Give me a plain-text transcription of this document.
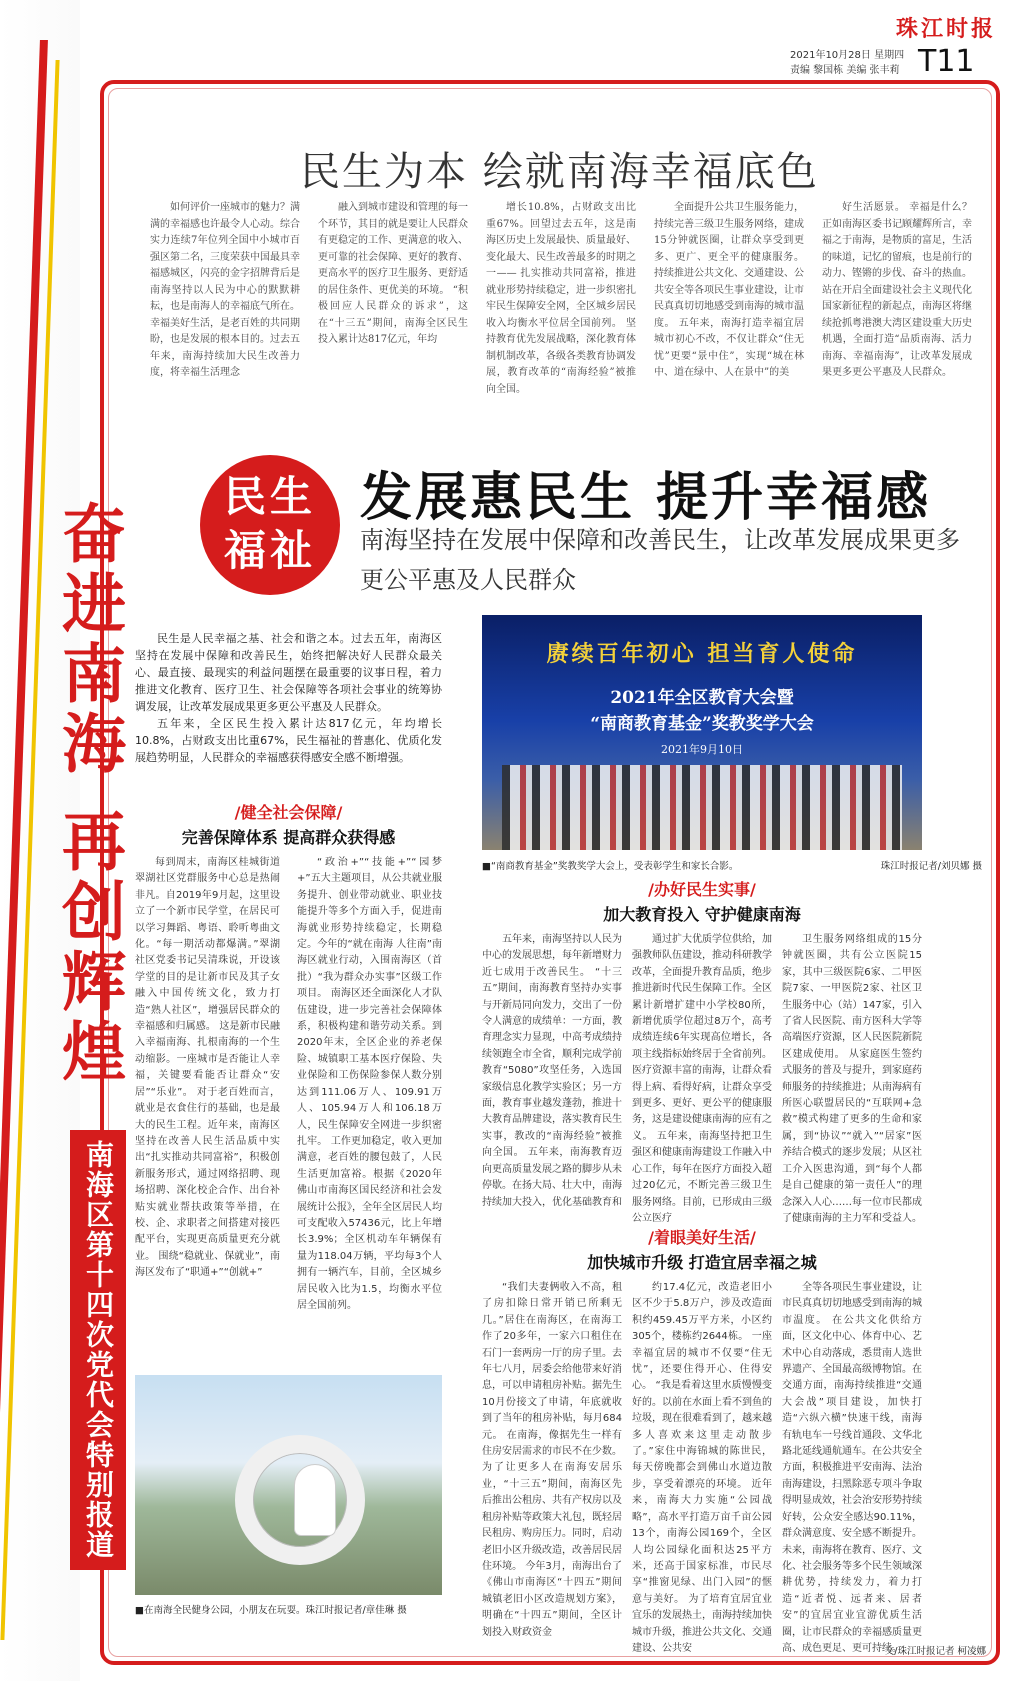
珠江时报
2021年10月28日 星期四
责编 黎国栋 美编 张丰莉 T11
奋进南海 再创辉煌
南海区第十四次党代会特别报道
民生为本 绘就南海幸福底色
如何评价一座城市的魅力？满满的幸福感也许最令人心动。综合实力连续7年位列全国中小城市百强区第二名，三度荣获中国最具幸福感城区，闪亮的金字招牌背后是南海坚持以人民为中心的默默耕耘，也是南海人的幸福底气所在。 幸福美好生活，是老百姓的共同期盼，也是发展的根本目的。过去五年来，南海持续加大民生改善力度，将幸福生活理念
融入到城市建设和管理的每一个环节，其目的就是要让人民群众有更稳定的工作、更满意的收入、更可靠的社会保障、更好的教育、更高水平的医疗卫生服务、更舒适的居住条件、更优美的环境。 “积极回应人民群众的诉求”，这在“十三五”期间，南海全区民生投入累计达817亿元，年均
增长10.8%，占财政支出比重67%。回望过去五年，这是南海区历史上发展最快、质量最好、变化最大、民生改善最多的时期之一—— 扎实推动共同富裕，推进就业形势持续稳定，进一步织密扎牢民生保障安全网，全区城乡居民收入均衡水平位居全国前列。 坚持教育优先发展战略，深化教育体制机制改革，各级各类教育协调发展，教育改革的“南海经验”被推向全国。
全面提升公共卫生服务能力，持续完善三级卫生服务网络，建成15分钟就医圈，让群众享受到更多、更广、更全平的健康服务。 持续推进公共文化、交通建设、公共安全等各项民生事业建设，让市民真真切切地感受到南海的城市温度。 五年来，南海打造幸福宜居城市初心不改，不仅让群众“住无忧”更要“景中住”，实现“城在林中、道在绿中、人在景中”的美
好生活愿景。 幸福是什么？正如南海区委书记顾耀辉所言，幸福之于南海，是物质的富足，生活的味道，记忆的留痕，也是前行的动力、铿锵的步伐、奋斗的热血。 站在开启全面建设社会主义现代化国家新征程的新起点，南海区将继续抢抓粤港澳大湾区建设重大历史机遇，全面打造“品质南海、活力南海、幸福南海”，让改革发展成果更多更公平惠及人民群众。
民生福祉
发展惠民生 提升幸福感
南海坚持在发展中保障和改善民生，让改革发展成果更多更公平惠及人民群众
民生是人民幸福之基、社会和谐之本。过去五年，南海区坚持在发展中保障和改善民生，始终把解决好人民群众最关心、最直接、最现实的利益问题摆在最重要的议事日程，着力推进文化教育、医疗卫生、社会保障等各项社会事业的统筹协调发展，让改革发展成果更多更公平惠及人民群众。
五年来，全区民生投入累计达817亿元，年均增长10.8%，占财政支出比重67%，民生福祉的普惠化、优质化发展趋势明显，人民群众的幸福感获得感安全感不断增强。
赓续百年初心 担当育人使命
2021年全区教育大会暨
“南商教育基金”奖教奖学大会
2021年9月10日
■“南商教育基金”奖教奖学大会上，受表彰学生和家长合影。	珠江时报记者/刘贝娜 摄
/健全社会保障/
完善保障体系 提高群众获得感
每到周末，南海区桂城街道翠湖社区党群服务中心总是热闹非凡。自2019年9月起，这里设立了一个新市民学堂，在居民可以学习舞蹈、粤语、聆听粤曲文化。“每一期活动都爆满。”翠湖社区党委书记吴清珠说，开设该学堂的目的是让新市民及其子女融入中国传统文化，致力打造“熟人社区”，增强居民群众的幸福感和归属感。 这是新市民融入幸福南海、扎根南海的一个生动缩影。一座城市是否能让人幸福，关键要看能否让群众“安居”“乐业”。 对于老百姓而言，就业是衣食住行的基础，也是最大的民生工程。近年来，南海区坚持在改善人民生活品质中实出“扎实推动共同富裕”，积极创新服务形式，通过网络招聘、现场招聘、深化校企合作、出台补贴实就业帮扶政策等举措，在校、企、求职者之间搭建对接匹配平台，实现更高质量更充分就业。 围绕“稳就业、保就业”，南海区发布了“职通+”“创就+”
“政治+”“技能+”“园梦+”五大主题项目，从公共就业服务提升、创业带动就业、职业技能提升等多个方面入手，促进南海就业形势持续稳定，长期稳定。今年的“就在南海 人往南”南海区就业行动，入围南海区（首批）“我为群众办实事”区级工作项目。 南海区还全面深化人才队伍建设，进一步完善社会保障体系，积极构建和谐劳动关系。到2020年末，全区企业的养老保险、城镇职工基本医疗保险、失业保险和工伤保险参保人数分别达到111.06万人、109.91万人、105.94万人和106.18万人，民生保障安全网进一步织密扎牢。 工作更加稳定，收入更加满意，老百姓的腰包鼓了，人民生活更加富裕。根据《2020年佛山市南海区国民经济和社会发展统计公报》，全年全区居民人均可支配收入57436元，比上年增长3.9%；全区机动车年辆保有量为118.04万辆，平均每3个人拥有一辆汽车，目前，全区城乡居民收入比为1.5，均衡水平位居全国前列。
/办好民生实事/
加大教育投入 守护健康南海
五年来，南海坚持以人民为中心的发展思想，每年新增财力近七成用于改善民生。 “十三五”期间，南海教育坚持办实事与开新局同向发力，交出了一份令人满意的成绩单：一方面，教育理念实力显现，中高考成绩持续领跑全市全省，顺利完成学前教育“5080”攻坚任务，入选国家级信息化教学实验区；另一方面，教育事业越发蓬勃，推进十大教育品牌建设，落实教育民生实事，教改的“南海经验”被推向全国。 五年来，南海教育迈向更高质量发展之路的脚步从未停歇。在扬大局、壮大中，南海持续加大投入，优化基础教育和
通过扩大优质学位供给，加强教师队伍建设，推动科研教学改革，全面提升教育品质，绝步推进新时代民生保障工作。全区累计新增扩建中小学校80所，新增优质学位超过8万个，高考成绩连续6年实现高位增长，各项主线指标始终居于全省前列。 医疗资源丰富的南海，让群众看得上病、看得好病，让群众享受到更多、更好、更公平的健康服务，这是建设健康南海的应有之义。 五年来，南海坚持把卫生强区和健康南海建设工作融入中心工作，每年在医疗方面投入超过20亿元，不断完善三级卫生服务网络。目前，已形成由三级公立医疗
卫生服务网络组成的15分钟就医圈，共有公立医院15家，其中三级医院6家、二甲医院7家、一甲医院2家、社区卫生服务中心（站）147家，引入了省人民医院、南方医科大学等高端医疗资源，区人民医院新院区建成使用。 从家庭医生签约式服务的普及与提升，到家庭药师服务的持续推进；从南海病有所医心联盟居民的“互联网+急救”模式构建了更多的生命和家属，到“协议”“就入”“居家”医养结合模式的逐步发展；从区社工介入医患沟通，到“每个人都是自己健康的第一责任人”的理念深入人心……每一位市民都成了健康南海的主力军和受益人。
/着眼美好生活/
加快城市升级 打造宜居幸福之城
“我们夫妻俩收入不高，租了房扣除日常开销已所剩无几。”居住在南海区，在南海工作了20多年，一家六口租住在石门一套两房一厅的房子里。去年七八月，居委会给他带来好消息，可以申请租房补贴。据先生10月份接文了申请，年底就收到了当年的租房补贴，每月684元。 在南海，像据先生一样有住房安居需求的市民不在少数。为了让更多人在南海安居乐业，“十三五”期间，南海区先后推出公租房、共有产权房以及租房补贴等政策大礼包，既轻居民租房、购房压力。同时，启动老旧小区升级改造，改善居民居住环境。 今年3月，南海出台了《佛山市南海区“十四五”期间城镇老旧小区改造规划方案》，明确在“十四五”期间，全区计划投入财政资金
约17.4亿元，改造老旧小区不少于5.8万户，涉及改造面积约459.45万平方米，小区约305个，楼栋约2644栋。 一座幸福宜居的城市不仅要“住无忧”，还要住得开心、住得安心。 “我是看着这里水质慢慢变好的。以前在水面上看不到鱼的垃圾，现在很难看到了，越来越多人喜欢来这里走动散步了。”家住中海锦城的陈世民，每天傍晚都会到佛山水道边散步，享受着漂亮的环境。 近年来，南海大力实施“公园战略”，高水平打造万亩千亩公园13个，南海公园169个，全区人均公园绿化面积达25平方米，还高于国家标准，市民尽享“推窗见绿、出门入园”的惬意与美好。 为了培育宜居宜业宜乐的发展热土，南海持续加快城市升级，推进公共文化、交通建设、公共安
全等各项民生事业建设，让市民真真切切地感受到南海的城市温度。 在公共文化供给方面，区文化中心、体育中心、艺术中心自动落成，悉贯南人选世界遗产、全国最高级博物馆。在交通方面，南海持续推进“交通大会战”项目建设，加快打造“六纵六横”快速干线，南海有轨电车一号线首通段、文华北路北延线通航通车。在公共安全方面，积极推进平安南海、法治南海建设，扫黑除恶专项斗争取得明显成效，社会治安形势持续好转，公众安全感达90.11%，群众满意度、安全感不断提升。 未来，南海将在教育、医疗、文化、社会服务等多个民生领域深耕优势，持续发力，着力打造“近者悦、远者来、居者安”的宜居宜业宜游优质生活圈，让市民群众的幸福感质量更高、成色更足、更可持续。
■在南海全民健身公园，小朋友在玩耍。珠江时报记者/章佳琳 摄
文/珠江时报记者 柯凌娜
